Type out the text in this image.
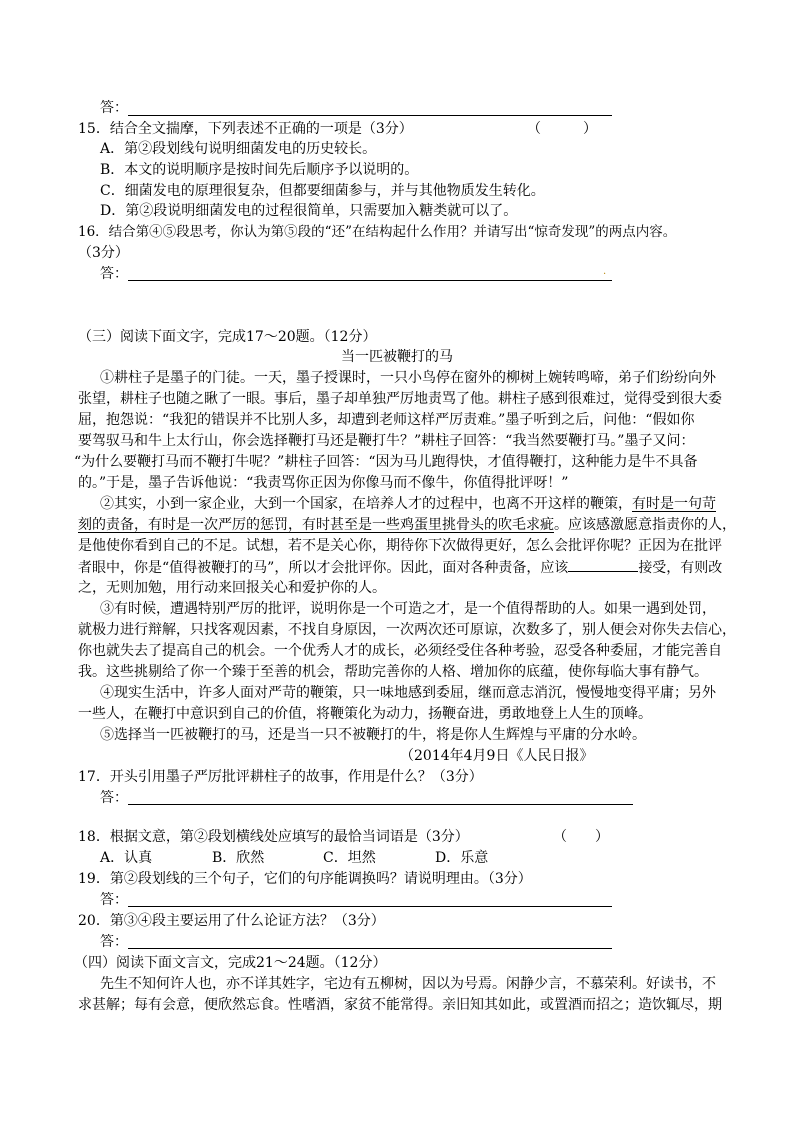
答：
15．结合全文揣摩，下列表述不正确的一项是（3分）	（　　　）
A．第②段划线句说明细菌发电的历史较长。
B．本文的说明顺序是按时间先后顺序予以说明的。
C．细菌发电的原理很复杂，但都要细菌参与，并与其他物质发生转化。
D．第②段说明细菌发电的过程很简单，只需要加入糖类就可以了。
16．结合第④⑤段思考，你认为第⑤段的“还”在结构起什么作用？并请写出“惊奇发现”的两点内容。
（3分）
答：	.
（三）阅读下面文字，完成17～20题。（12分）
当一匹被鞭打的马
①耕柱子是墨子的门徒。一天，墨子授课时，一只小鸟停在窗外的柳树上婉转鸣啼，弟子们纷纷向外
张望，耕柱子也随之瞅了一眼。事后，墨子却单独严厉地责骂了他。耕柱子感到很难过，觉得受到很大委
屈，抱怨说：“我犯的错误并不比别人多，却遭到老师这样严厉责难。”墨子听到之后，问他：“假如你
要驾驭马和牛上太行山，你会选择鞭打马还是鞭打牛？”耕柱子回答：“我当然要鞭打马。”墨子又问：
“为什么要鞭打马而不鞭打牛呢？”耕柱子回答：“因为马儿跑得快，才值得鞭打，这种能力是牛不具备
的。”于是，墨子告诉他说：“我责骂你正因为你像马而不像牛，你值得批评呀！”
②其实，小到一家企业，大到一个国家，在培养人才的过程中，也离不开这样的鞭策，有时是一句苛
刻的责备，有时是一次严厉的惩罚，有时甚至是一些鸡蛋里挑骨头的吹毛求疵。应该感激愿意指责你的人，
是他使你看到自己的不足。试想，若不是关心你，期待你下次做得更好，怎么会批评你呢？正因为在批评
者眼中，你是“值得被鞭打的马”，所以才会批评你。因此，面对各种责备，应该	接受，有则改
之，无则加勉，用行动来回报关心和爱护你的人。
③有时候，遭遇特别严厉的批评，说明你是一个可造之才，是一个值得帮助的人。如果一遇到处罚，
就极力进行辩解，只找客观因素，不找自身原因，一次两次还可原谅，次数多了，别人便会对你失去信心，
你也就失去了提高自己的机会。一个优秀人才的成长，必须经受住各种考验，忍受各种委屈，才能完善自
我。这些挑剔给了你一个臻于至善的机会，帮助完善你的人格、增加你的底蕴，使你每临大事有静气。
④现实生活中，许多人面对严苛的鞭策，只一味地感到委屈，继而意志消沉，慢慢地变得平庸；另外
一些人，在鞭打中意识到自己的价值，将鞭策化为动力，扬鞭奋进，勇敢地登上人生的顶峰。
⑤选择当一匹被鞭打的马，还是当一只不被鞭打的牛，将是你人生辉煌与平庸的分水岭。
（2014年4月9日《人民日报》
17．开头引用墨子严厉批评耕柱子的故事，作用是什么？（3分）
答：
18．根据文意，第②段划横线处应填写的最恰当词语是（3分）	（　　）
A．认真	B．欣然	C．坦然	D．乐意
19．第②段划线的三个句子，它们的句序能调换吗？请说明理由。（3分）
答：
20．第③④段主要运用了什么论证方法？（3分）
答：
（四）阅读下面文言文，完成21～24题。（12分）
先生不知何许人也，亦不详其姓字，宅边有五柳树，因以为号焉。闲静少言，不慕荣利。好读书，不
求甚解；每有会意，便欣然忘食。性嗜酒，家贫不能常得。亲旧知其如此，或置酒而招之；造饮辄尽，期
